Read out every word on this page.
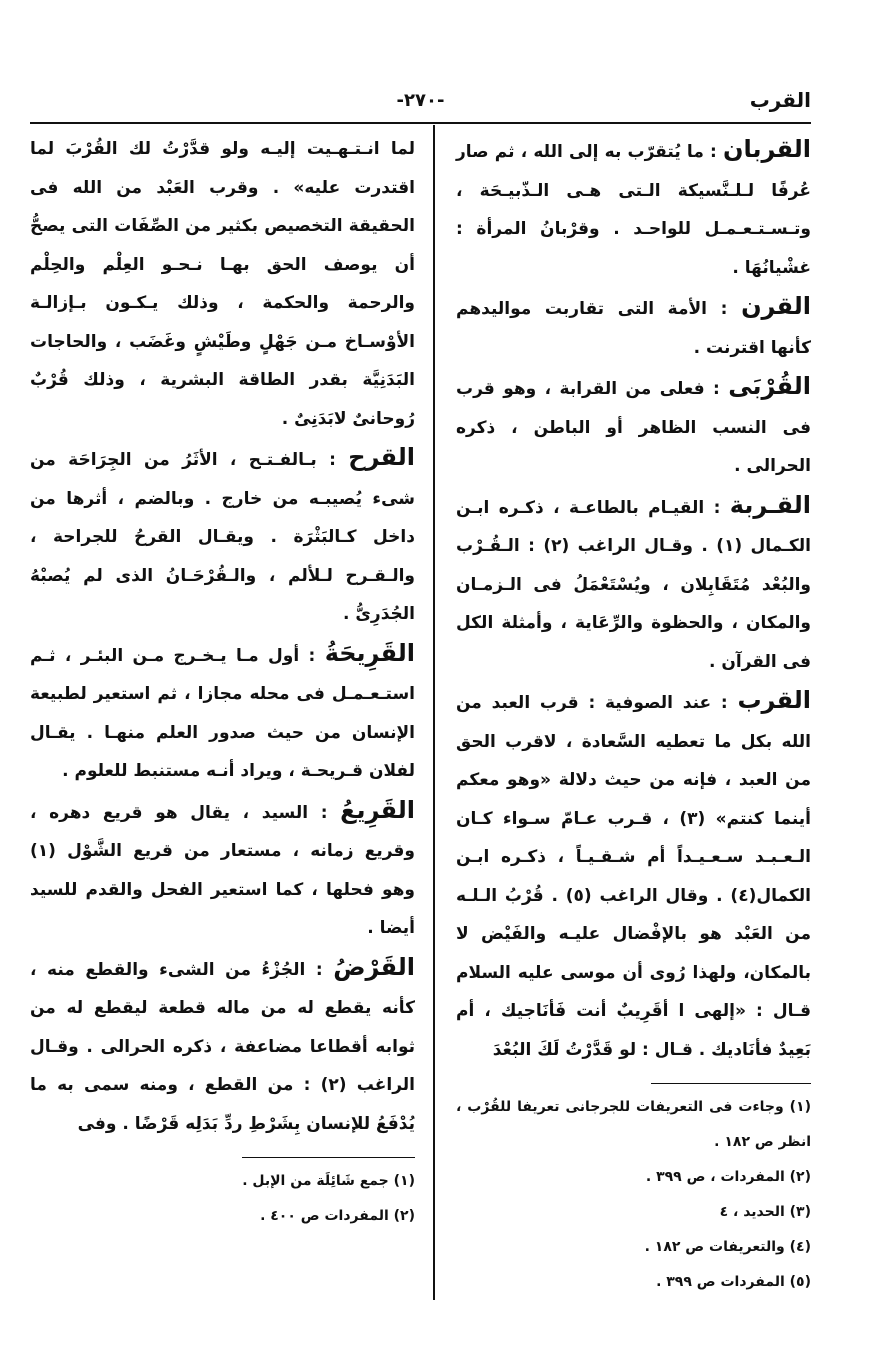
القرب
-٢٧٠-

القربان : ما يُتقرّب به إلى الله ، ثم صار عُرفًا لـلـنَّسيكة الـتى هـى الـذّبيـحَة ، وتـسـتـعـمـل للواحـد . وقرْبانُ المرأة : غشْيانُهَا .

القرن : الأمة التى تقاربت مواليدهم كأنها اقترنت .

القُرْبَى : فعلى من القرابة ، وهو قرب فى النسب الظاهر أو الباطن ، ذكره الحرالى .

القـربة : القيـام بالطاعـة ، ذكـره ابـن الكـمال (١) . وقـال الراغب (٢) : الـقُـرْب والبُعْد مُتَقَابِلان ، ويُسْتَعْمَلُ فى الـزمـان والمكان ، والحظوة والرِّعَاية ، وأمثلة الكل فى القرآن .

القرب : عند الصوفية : قرب العبد من الله بكل ما تعطيه السَّعادة ، لاقرب الحق من العبد ، فإنه من حيث دلالة «وهو معكم أينما كنتم» (٣) ، قـرب عـامّ سـواء كـان الـعـبـد سـعـيـداً أم شـقـيـاً ، ذكـره ابـن الكمال(٤) . وقال الراغب (٥) . قُرْبُ الـلـه من العَبْد هو بالإفْضال عليـه والفَيْض لا بالمكان، ولهذا رُوى أن موسى عليه السلام قـال : «إلهى ا أقَرِيبٌ أنت فَأنَاجيك ، أم بَعِيدٌ فأنَاديك . قـال : لو قَدَّرْتُ لَكَ البُعْدَ

(١) وجاءت فى التعريفات للجرجانى تعريفا للقُرْب ، انظر ص ١٨٢ .

(٢) المفردات ، ص ٣٩٩ .

(٣) الحديد ، ٤

(٤) والتعريفات ص ١٨٢ .

(٥) المفردات ص ٣٩٩ .

لما انـتـهـيت إليـه ولو قدَّرْتُ لك القُرْبَ لما اقتدرت عليه» . وقرب العَبْد من الله فى الحقيقة التخصيص بكثير من الصِّفَات التى يصحُّ أن يوصف الحق بهـا نـحـو العِلْم والحِلْم والرحمة والحكمة ، وذلك يـكـون بـإزالـة الأوْسـاخ مـن جَهْلٍ وطَيْشٍ وغَضَب ، والحاجات البَدَنِيَّة بقدر الطاقة البشرية ، وذلك قُرْبٌ رُوحانىٌ لابَدَنِىٌ .

القرح : بـالفـتـح ، الأثَرُ من الجِرَاحَة من شىء يُصيبـه من خارج . وبالضم ، أثرها من داخل كـالبَثْرَة . ويقـال القرحُ للجراحة ، والـقـرح لـلألم ، والـقُرْحَـانُ الذى لم يُصبْهُ الجُدَرِىُّ .

القَرِيحَةُ : أول مـا يـخـرج مـن البئـر ، ثـم استـعـمـل فى محله مجازا ، ثم استعير لطبيعة الإنسان من حيث صدور العلم منهـا . يقـال لفلان قـريحـة ، ويراد أنـه مستنبط للعلوم .

القَرِيعُ : السيد ، يقال هو قريع دهره ، وقريع زمانه ، مستعار من قريع الشَّوْل (١) وهو فحلها ، كما استعير الفحل والقدم للسيد أيضا .

القَرْضُ : الجُزْءُ من الشىء والقطع منه ، كأنه يقطع له من ماله قطعة ليقطع له من ثوابه أقطاعا مضاعفة ، ذكره الحرالى . وقـال الراغب (٢) : من القطع ، ومنه سمى به ما يُدْفَعُ للإنسان بِشَرْطِ ردِّ بَدَلِه قَرْضًا . وفى

(١) جمع شَائِلَة من الإبل .

(٢) المفردات ص ٤٠٠ .
